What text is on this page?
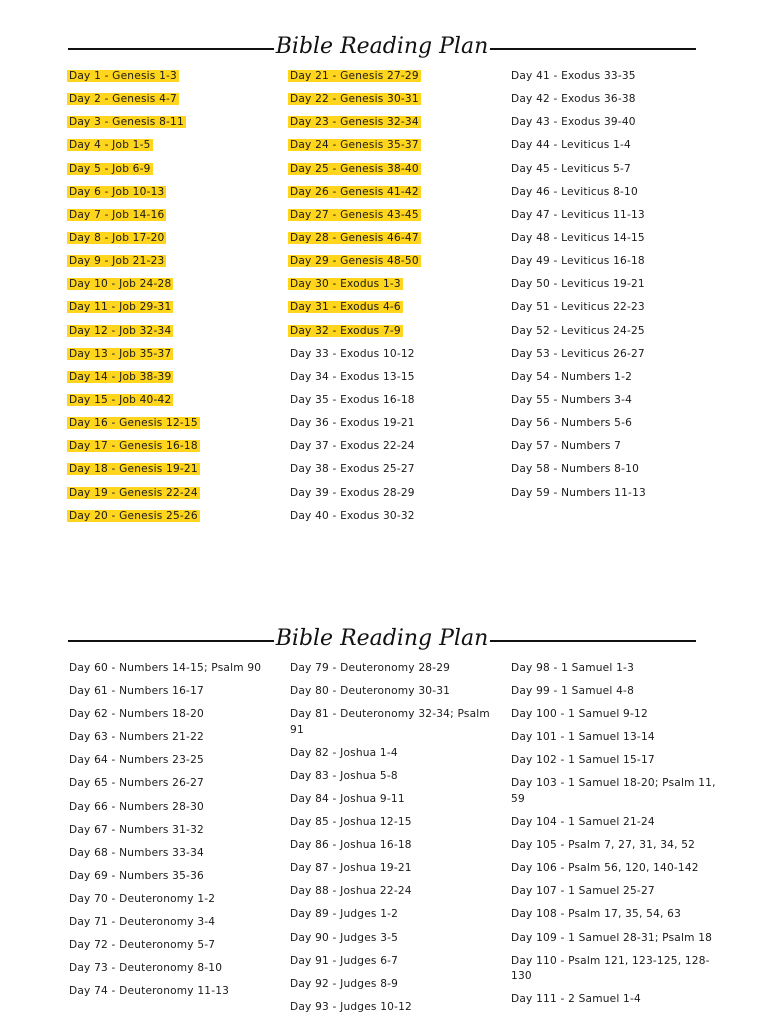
Bible Reading Plan
Day 1 - Genesis 1-3
Day 2 - Genesis 4-7
Day 3 - Genesis 8-11
Day 4 - Job 1-5
Day 5 - Job 6-9
Day 6 - Job 10-13
Day 7 - Job 14-16
Day 8 - Job 17-20
Day 9 - Job 21-23
Day 10 - Job 24-28
Day 11 - Job 29-31
Day 12 - Job 32-34
Day 13 - Job 35-37
Day 14 - Job 38-39
Day 15 - Job 40-42
Day 16 - Genesis 12-15
Day 17 - Genesis 16-18
Day 18 - Genesis 19-21
Day 19 - Genesis 22-24
Day 20 - Genesis 25-26
Day 21 - Genesis 27-29
Day 22 - Genesis 30-31
Day 23 - Genesis 32-34
Day 24 - Genesis 35-37
Day 25 - Genesis 38-40
Day 26 - Genesis 41-42
Day 27 - Genesis 43-45
Day 28 - Genesis 46-47
Day 29 - Genesis 48-50
Day 30 - Exodus 1-3
Day 31 - Exodus 4-6
Day 32 - Exodus 7-9
Day 33 - Exodus 10-12
Day 34 - Exodus 13-15
Day 35 - Exodus 16-18
Day 36 - Exodus 19-21
Day 37 - Exodus 22-24
Day 38 - Exodus 25-27
Day 39 - Exodus 28-29
Day 40 - Exodus 30-32
Day 41 - Exodus 33-35
Day 42 - Exodus 36-38
Day 43 - Exodus 39-40
Day 44 - Leviticus 1-4
Day 45 - Leviticus 5-7
Day 46 - Leviticus 8-10
Day 47 - Leviticus 11-13
Day 48 - Leviticus 14-15
Day 49 - Leviticus 16-18
Day 50 - Leviticus 19-21
Day 51 - Leviticus 22-23
Day 52 - Leviticus 24-25
Day 53 - Leviticus 26-27
Day 54 - Numbers 1-2
Day 55 - Numbers 3-4
Day 56 - Numbers 5-6
Day 57 - Numbers 7
Day 58 - Numbers 8-10
Day 59 - Numbers 11-13
Bible Reading Plan
Day 60 - Numbers 14-15; Psalm 90
Day 61 - Numbers 16-17
Day 62 - Numbers 18-20
Day 63 - Numbers 21-22
Day 64 - Numbers 23-25
Day 65 - Numbers 26-27
Day 66 - Numbers 28-30
Day 67 - Numbers 31-32
Day 68 - Numbers 33-34
Day 69 - Numbers 35-36
Day 70 - Deuteronomy 1-2
Day 71 - Deuteronomy 3-4
Day 72 - Deuteronomy 5-7
Day 73 - Deuteronomy 8-10
Day 74 - Deuteronomy 11-13
Day 79 - Deuteronomy 28-29
Day 80 - Deuteronomy 30-31
Day 81 - Deuteronomy 32-34; Psalm 91
Day 82 - Joshua 1-4
Day 83 - Joshua 5-8
Day 84 - Joshua 9-11
Day 85 - Joshua 12-15
Day 86 - Joshua 16-18
Day 87 - Joshua 19-21
Day 88 - Joshua 22-24
Day 89 - Judges 1-2
Day 90 - Judges 3-5
Day 91 - Judges 6-7
Day 92 - Judges 8-9
Day 93 - Judges 10-12
Day 98 - 1 Samuel 1-3
Day 99 - 1 Samuel 4-8
Day 100 - 1 Samuel 9-12
Day 101 - 1 Samuel 13-14
Day 102 - 1 Samuel 15-17
Day 103 - 1 Samuel 18-20; Psalm 11, 59
Day 104 - 1 Samuel 21-24
Day 105 - Psalm 7, 27, 31, 34, 52
Day 106 - Psalm 56, 120, 140-142
Day 107 - 1 Samuel 25-27
Day 108 - Psalm 17, 35, 54, 63
Day 109 - 1 Samuel 28-31; Psalm 18
Day 110 - Psalm 121, 123-125, 128-130
Day 111 - 2 Samuel 1-4
